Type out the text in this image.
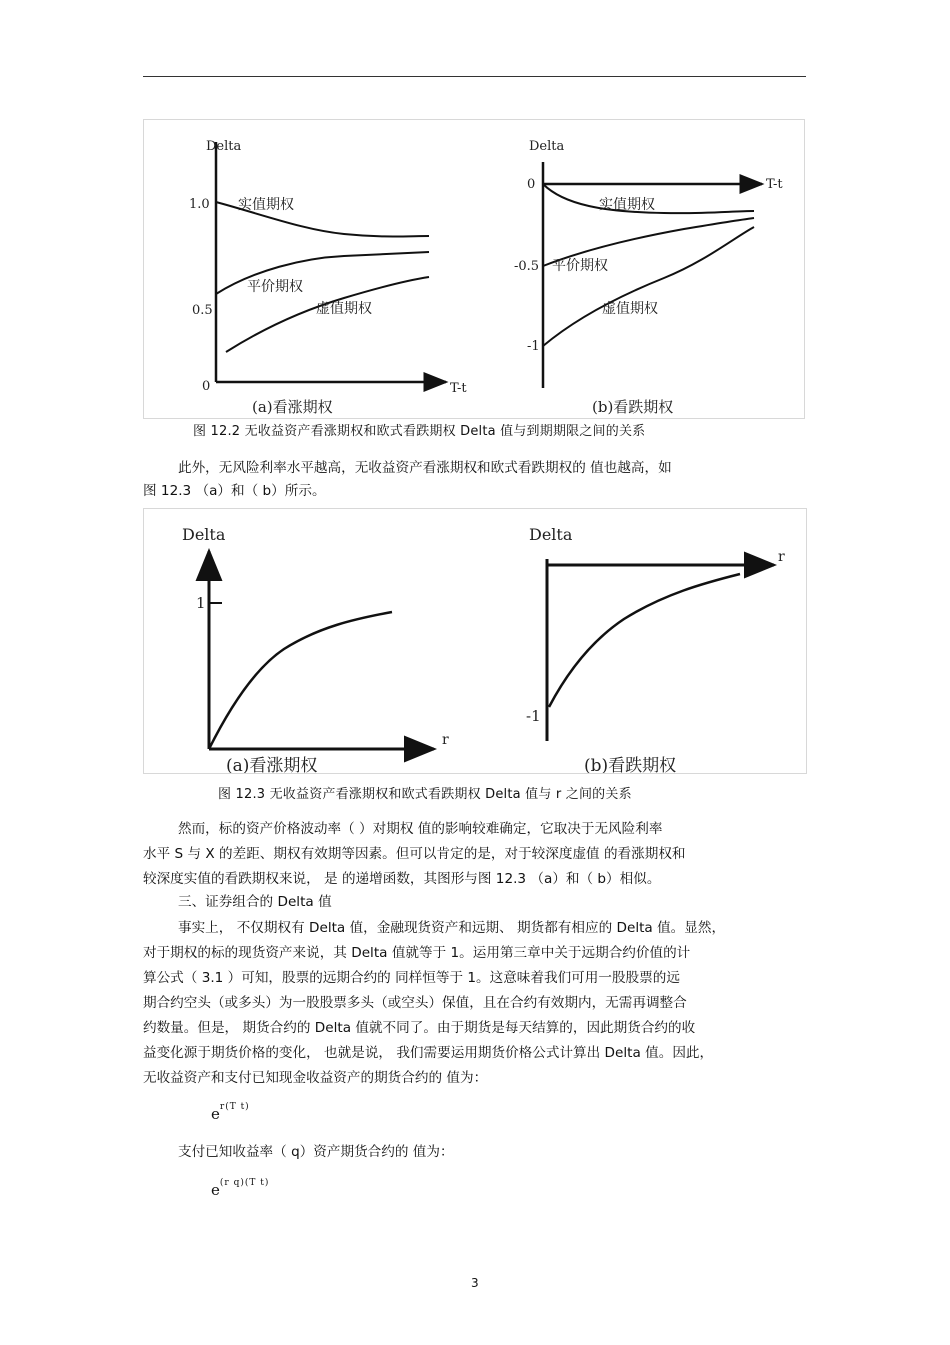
Delta
T-t
1.0
0.5
0
实值期权
平价期权
虚值期权
(a)看涨期权
Delta
T-t
0
-0.5
-1
实值期权
平价期权
虚值期权
(b)看跌期权
图 12.2 无收益资产看涨期权和欧式看跌期权 Delta 值与到期期限之间的关系
此外，无风险利率水平越高，无收益资产看涨期权和欧式看跌期权的 值也越高，如
图 12.3 （a）和（ b）所示。
Delta
r
1
(a)看涨期权
Delta
r
-1
(b)看跌期权
图 12.3 无收益资产看涨期权和欧式看跌期权 Delta 值与 r 之间的关系
然而，标的资产价格波动率（ ）对期权 值的影响较难确定，它取决于无风险利率
水平 S 与 X 的差距、期权有效期等因素。但可以肯定的是，对于较深度虚值 的看涨期权和
较深度实值的看跌期权来说， 是 的递增函数，其图形与图 12.3 （a）和（ b）相似。
三、证券组合的 Delta 值
事实上， 不仅期权有 Delta 值，金融现货资产和远期、 期货都有相应的 Delta 值。显然，
对于期权的标的现货资产来说，其 Delta 值就等于 1。运用第三章中关于远期合约价值的计
算公式（ 3.1 ）可知，股票的远期合约的 同样恒等于 1。这意味着我们可用一股股票的远
期合约空头（或多头）为一股股票多头（或空头）保值，且在合约有效期内，无需再调整合
约数量。但是， 期货合约的 Delta 值就不同了。由于期货是每天结算的，因此期货合约的收
益变化源于期货价格的变化， 也就是说， 我们需要运用期货价格公式计算出 Delta 值。因此，
无收益资产和支付已知现金收益资产的期货合约的 值为：
$e^{r(T t)}$
支付已知收益率（ q）资产期货合约的 值为：
$e^{(r q)(T t)}$
3
